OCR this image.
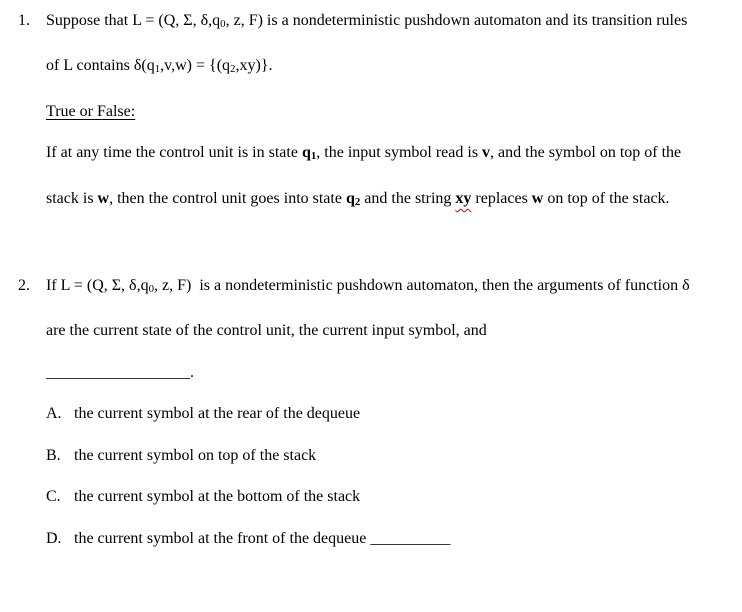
1.	Suppose that L = (Q, Σ, δ,q0, z, F) is a nondeterministic pushdown automaton and its transition rules of L contains δ(q1,v,w) = {(q2,xy)}.

True or False:

If at any time the control unit is in state q1, the input symbol read is v, and the symbol on top of the stack is w, then the control unit goes into state q2 and the string xy replaces w on top of the stack.

2.	If L = (Q, Σ, δ,q0, z, F)  is a nondeterministic pushdown automaton, then the arguments of function δ are the current state of the control unit, the current input symbol, and

__________________.

A. the current symbol at the rear of the dequeue

B. the current symbol on top of the stack

C. the current symbol at the bottom of the stack

D. the current symbol at the front of the dequeue __________
